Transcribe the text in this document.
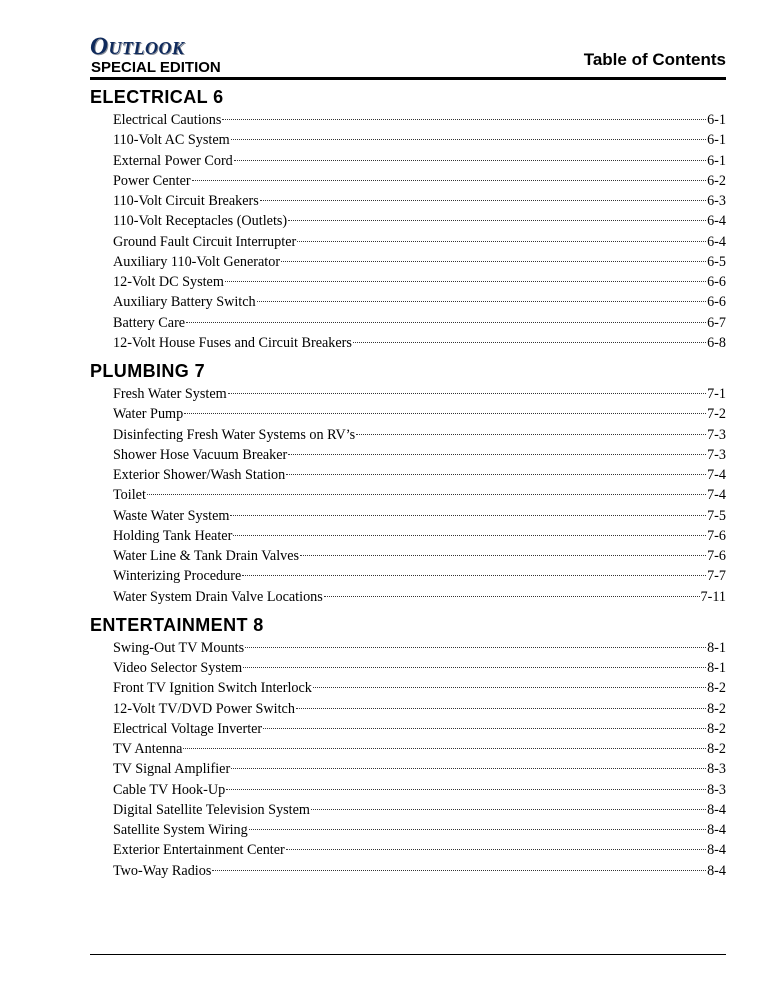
Outlook
SPECIAL EDITION	Table of Contents
ELECTRICAL 6
Electrical Cautions	6-1
110-Volt AC System	6-1
External Power Cord	6-1
Power Center	6-2
110-Volt Circuit Breakers	6-3
110-Volt Receptacles (Outlets)	6-4
Ground Fault Circuit Interrupter	6-4
Auxiliary 110-Volt Generator	6-5
12-Volt DC System	6-6
Auxiliary Battery Switch	6-6
Battery Care	6-7
12-Volt House Fuses and Circuit Breakers	6-8
PLUMBING 7
Fresh Water System	7-1
Water Pump	7-2
Disinfecting Fresh Water Systems on RV’s	7-3
Shower Hose Vacuum Breaker	7-3
Exterior Shower/Wash Station	7-4
Toilet	7-4
Waste Water System	7-5
Holding Tank Heater	7-6
Water Line & Tank Drain Valves	7-6
Winterizing Procedure	7-7
Water System Drain Valve Locations	7-11
ENTERTAINMENT 8
Swing-Out TV Mounts	8-1
Video Selector System	8-1
Front TV Ignition Switch Interlock	8-2
12-Volt TV/DVD Power Switch	8-2
Electrical Voltage Inverter	8-2
TV Antenna	8-2
TV Signal Amplifier	8-3
Cable TV Hook-Up	8-3
Digital Satellite Television System	8-4
Satellite System Wiring	8-4
Exterior Entertainment Center	8-4
Two-Way Radios	8-4
